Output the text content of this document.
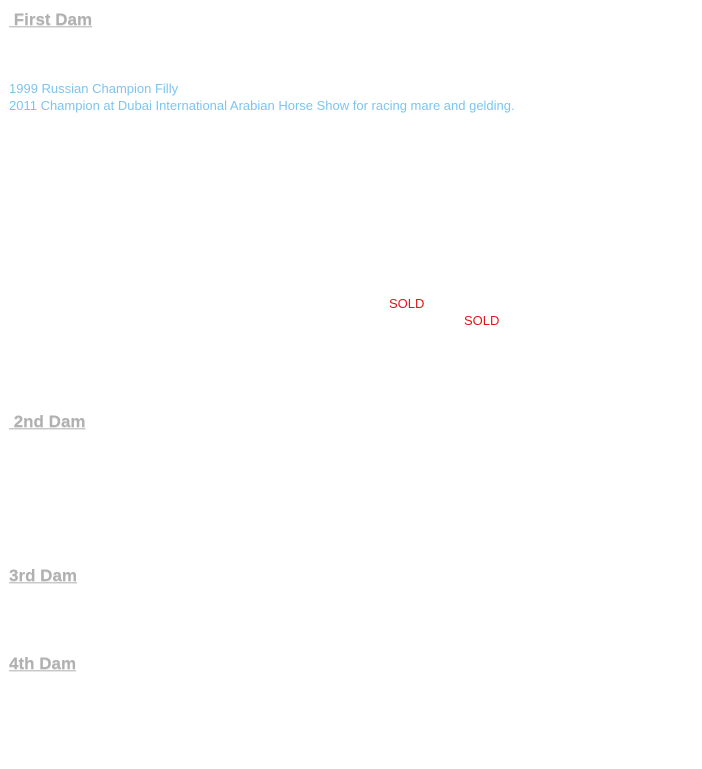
First Dam
1999 Russian Champion Filly
2011 Champion at Dubai International Arabian Horse Show for racing mare and gelding.
SOLD
SOLD
2nd Dam
3rd Dam
4th Dam
